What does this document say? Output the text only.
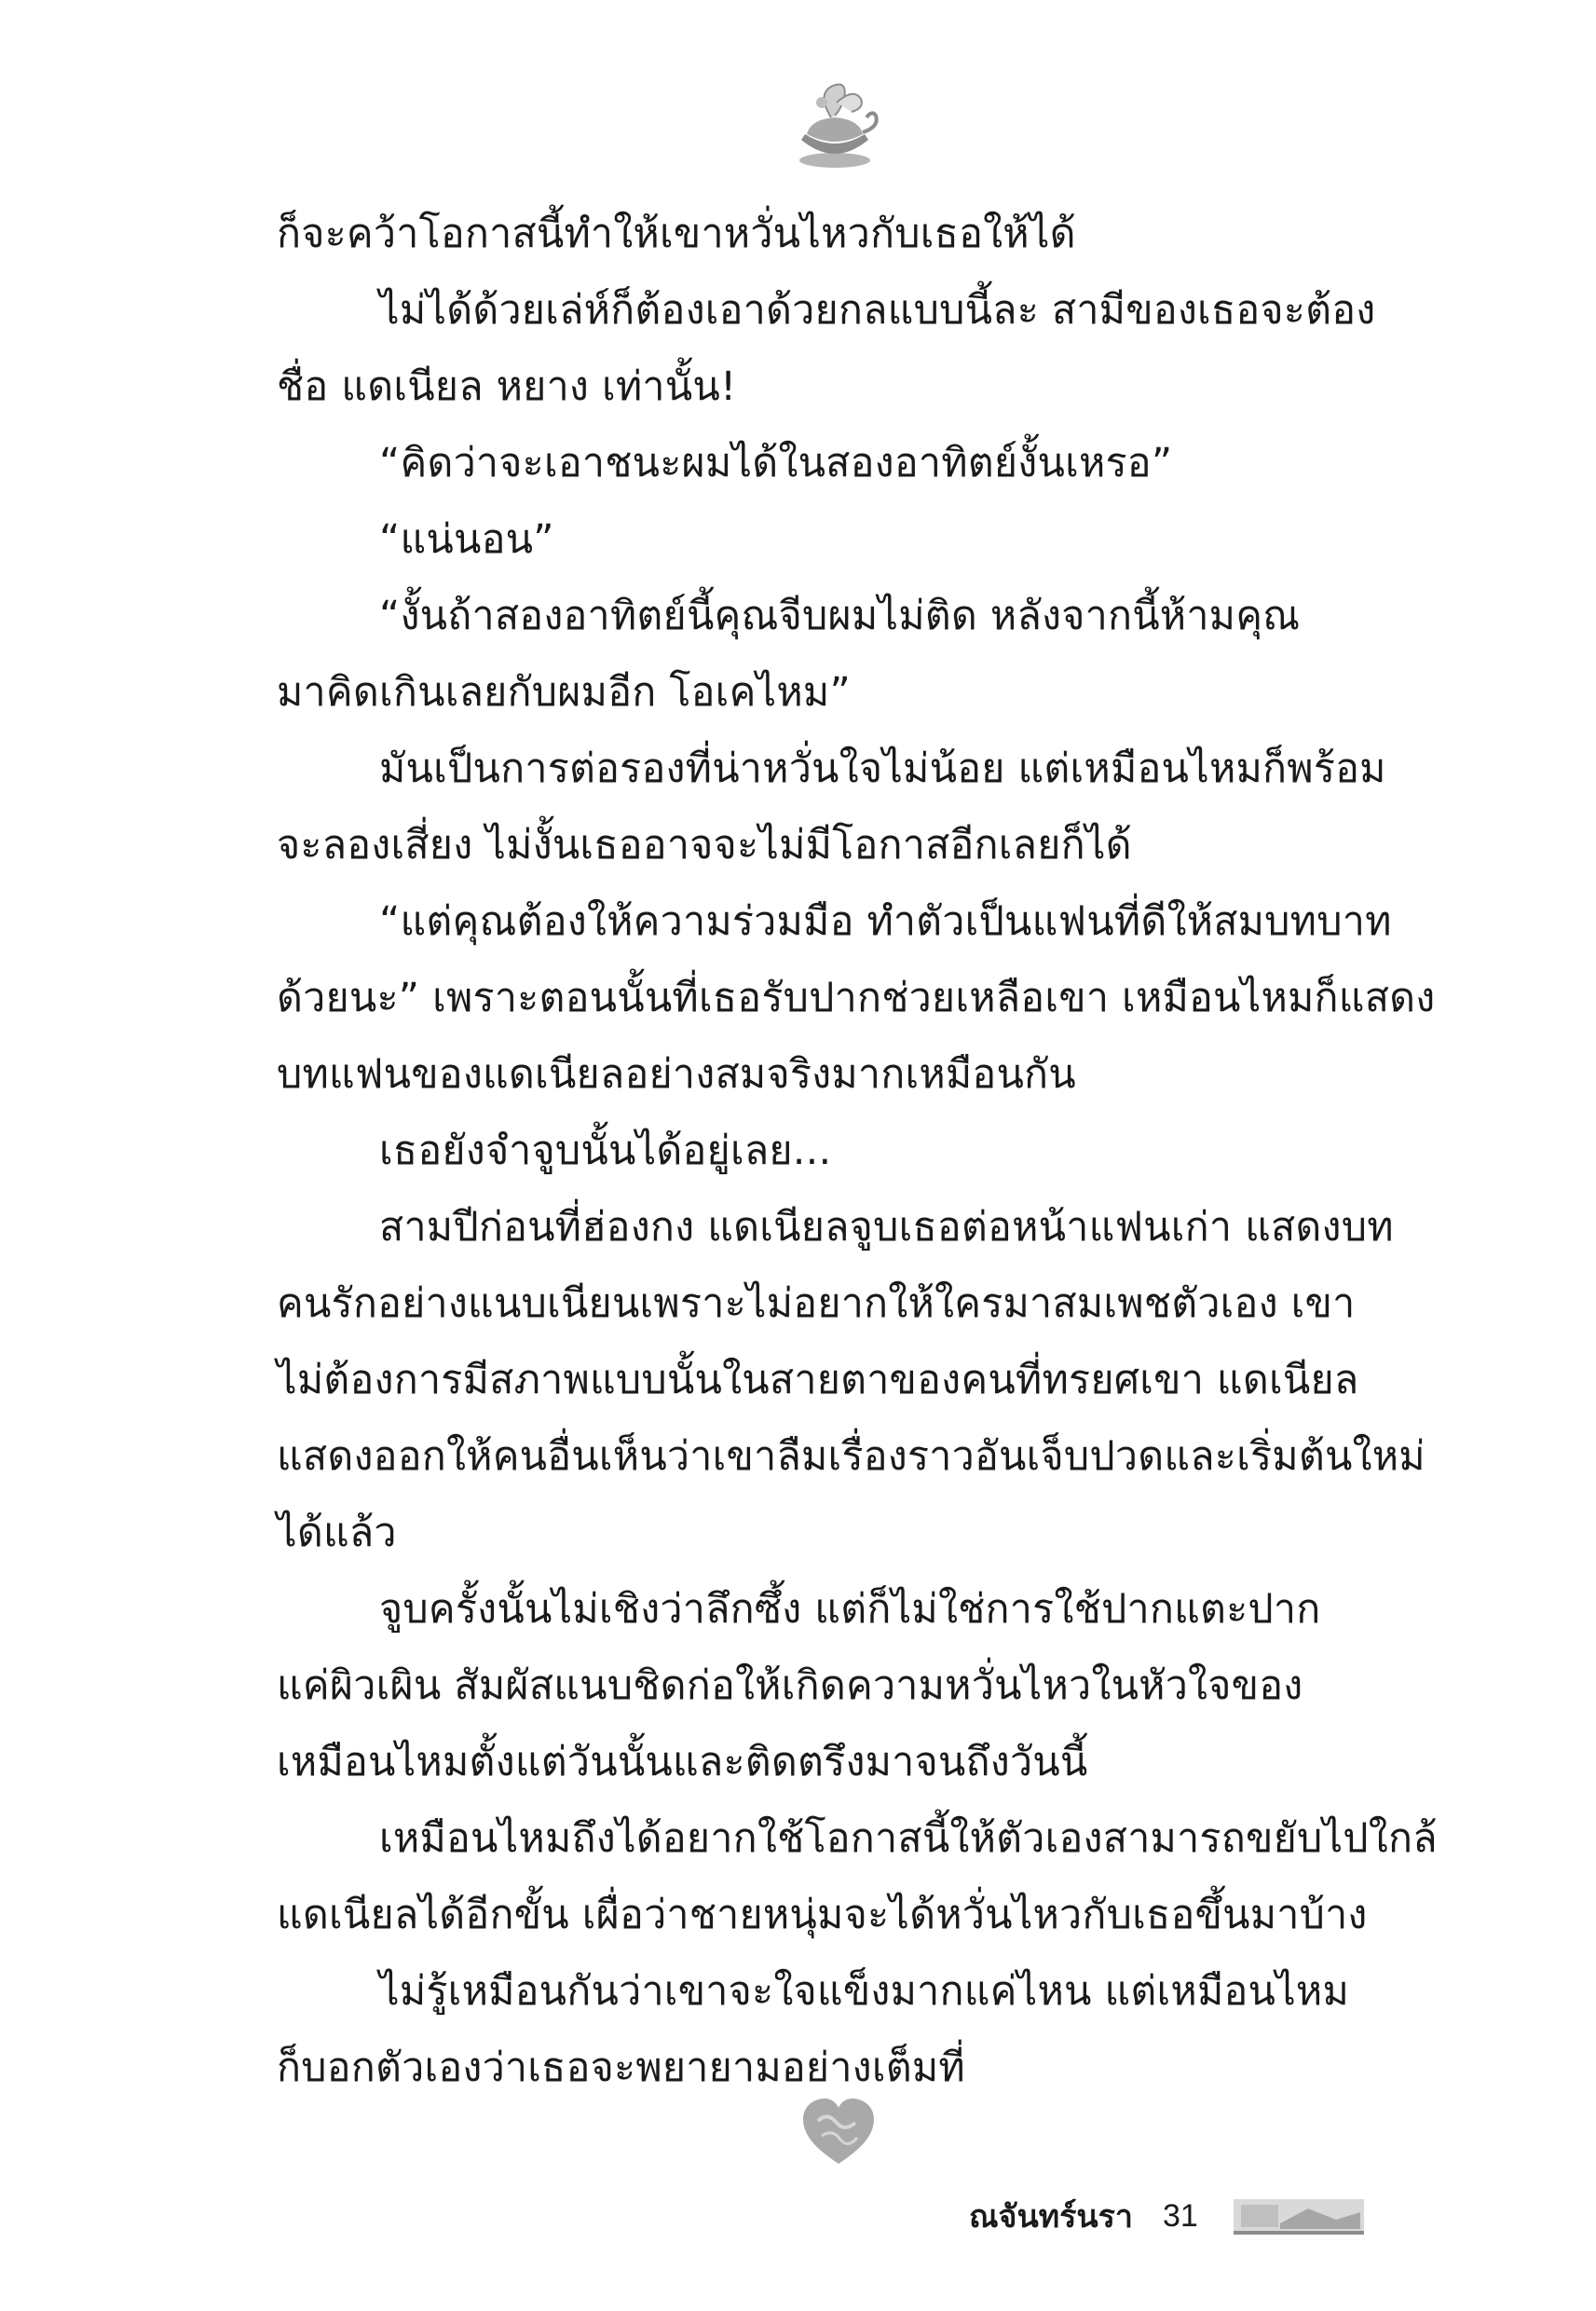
ก็จะคว้าโอกาสนี้ทำให้เขาหวั่นไหวกับเธอให้ได้

ไม่ได้ด้วยเล่ห์ก็ต้องเอาด้วยกลแบบนี้ละ สามีของเธอจะต้อง

ชื่อ แดเนียล หยาง เท่านั้น!

“คิดว่าจะเอาชนะผมได้ในสองอาทิตย์งั้นเหรอ”

“แน่นอน”

“งั้นถ้าสองอาทิตย์นี้คุณจีบผมไม่ติด หลังจากนี้ห้ามคุณ

มาคิดเกินเลยกับผมอีก โอเคไหม”

มันเป็นการต่อรองที่น่าหวั่นใจไม่น้อย แต่เหมือนไหมก็พร้อม

จะลองเสี่ยง ไม่งั้นเธออาจจะไม่มีโอกาสอีกเลยก็ได้

“แต่คุณต้องให้ความร่วมมือ ทำตัวเป็นแฟนที่ดีให้สมบทบาท

ด้วยนะ” เพราะตอนนั้นที่เธอรับปากช่วยเหลือเขา เหมือนไหมก็แสดง

บทแฟนของแดเนียลอย่างสมจริงมากเหมือนกัน

เธอยังจำจูบนั้นได้อยู่เลย...

สามปีก่อนที่ฮ่องกง แดเนียลจูบเธอต่อหน้าแฟนเก่า แสดงบท

คนรักอย่างแนบเนียนเพราะไม่อยากให้ใครมาสมเพชตัวเอง เขา

ไม่ต้องการมีสภาพแบบนั้นในสายตาของคนที่ทรยศเขา แดเนียล

แสดงออกให้คนอื่นเห็นว่าเขาลืมเรื่องราวอันเจ็บปวดและเริ่มต้นใหม่

ได้แล้ว

จูบครั้งนั้นไม่เชิงว่าลึกซึ้ง แต่ก็ไม่ใช่การใช้ปากแตะปาก

แค่ผิวเผิน สัมผัสแนบชิดก่อให้เกิดความหวั่นไหวในหัวใจของ

เหมือนไหมตั้งแต่วันนั้นและติดตรึงมาจนถึงวันนี้

เหมือนไหมถึงได้อยากใช้โอกาสนี้ให้ตัวเองสามารถขยับไปใกล้

แดเนียลได้อีกขั้น เผื่อว่าชายหนุ่มจะได้หวั่นไหวกับเธอขึ้นมาบ้าง

ไม่รู้เหมือนกันว่าเขาจะใจแข็งมากแค่ไหน แต่เหมือนไหม

ก็บอกตัวเองว่าเธอจะพยายามอย่างเต็มที่

ณจันทร์นรา 31
